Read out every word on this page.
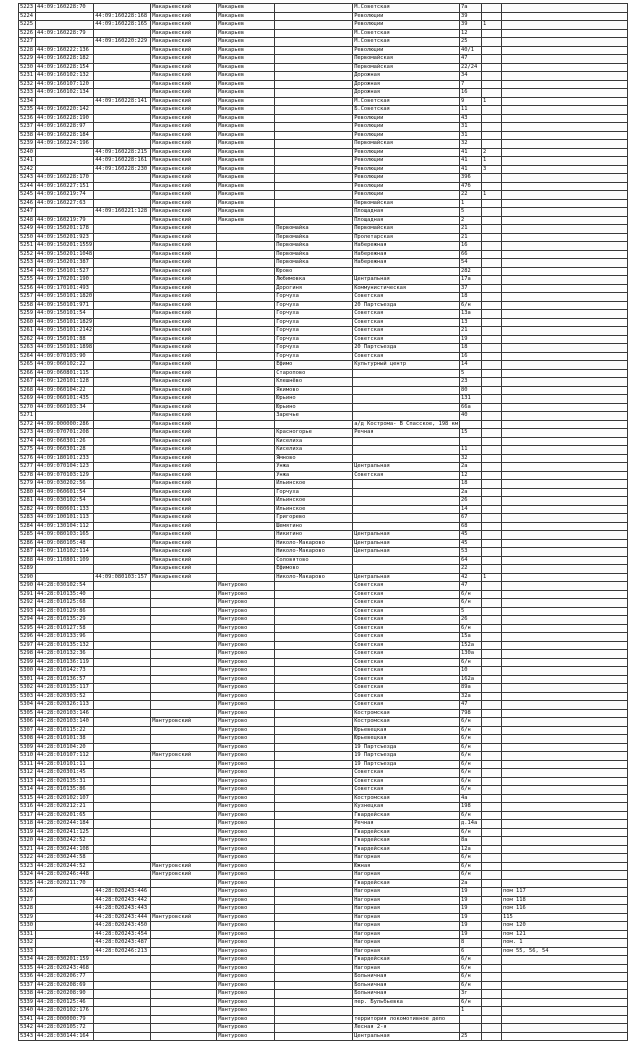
5223	44:09:160228:70		Макарьевский	Макарьев		М.Советская	7а		
5224		44:09:160228:168	Макарьевский	Макарьев		Революции	39		
5225		44:09:160228:165	Макарьевский	Макарьев		Революции	39	1	
5226	44:09:160228:79		Макарьевский	Макарьев		М.Советская	12		
5227		44:09:160220:229	Макарьевский	Макарьев		М.Советская	25		
5228	44:09:160222:136		Макарьевский	Макарьев		Революции	40/1		
5229	44:09:160228:182		Макарьевский	Макарьев		Первомайская	47		
5230	44:09:160228:154		Макарьевский	Макарьев		Первомайская	22/24		
5231	44:09:160102:132		Макарьевский	Макарьев		Дорожная	34		
5232	44:09:160107:120		Макарьевский	Макарьев		Дорожная	7		
5233	44:09:160102:134		Макарьевский	Макарьев		Дорожная	16		
5234		44:09:160228:141	Макарьевский	Макарьев		М.Советская	9	1	
5235	44:09:160220:142		Макарьевский	Макарьев		Б.Советская	11		
5236	44:09:160228:190		Макарьевский	Макарьев		Революции	43		
5237	44:09:160228:97		Макарьевский	Макарьев		Революции	31		
5238	44:09:160228:184		Макарьевский	Макарьев		Революции	31		
5239	44:09:160224:196		Макарьевский	Макарьев		Первомайская	32		
5240		44:09:160228:215	Макарьевский	Макарьев		Революции	41	2	
5241		44:09:160228:161	Макарьевский	Макарьев		Революции	41	1	
5242		44:09:160228:230	Макарьевский	Макарьев		Революции	41	3	
5243	44:09:160228:170		Макарьевский	Макарьев		Революции	396		
5244	44:09:160227:151		Макарьевский	Макарьев		Революции	47б		
5245	44:09:160219:74		Макарьевский	Макарьев		Революции	22	1	
5246	44:09:160227:63		Макарьевский	Макарьев		Первомайская	1		
5247		44:09:160221:128	Макарьевский	Макарьев		Площадная	5		
5248	44:09:160219:79		Макарьевский	Макарьев		Площадная	2		
5249	44:09:150201:178		Макарьевский		Первомайка	Первомайская	21		
5250	44:09:150201:923		Макарьевский		Первомайка	Пролетарская	21		
5251	44:09:150201:1559		Макарьевский		Первомайка	Набережная	16		
5252	44:09:150201:1048		Макарьевский		Первомайка	Набережная	66		
5253	44:09:150201:387		Макарьевский		Первомайка	Набережная	54		
5254	44:09:150101:527		Макарьевский		Юрово		282		
5255	44:09:170201:190		Макарьевский		Любимовка	Центральная	17а		
5256	44:09:170101:493		Макарьевский		Дорогиня	Коммунистическая	37		
5257	44:09:150101:1820		Макарьевский		Горчуха	Советская	18		
5258	44:09:150101:971		Макарьевский		Горчуха	20 Партсъезда	6/н		
5259	44:09:150101:54		Макарьевский		Горчуха	Советская	13а		
5260	44:09:150101:1829		Макарьевский		Горчуха	Советская	13		
5261	44:09:150101:2142		Макарьевский		Горчуха	Советская	21		
5262	44:09:150101:88		Макарьевский		Горчуха	Советская	19		
5263	44:09:150101:1898		Макарьевский		Горчуха	20 Партсъезда	18		
5264	44:09:070103:90		Макарьевский		Горчуха	Советская	16		
5265	44:09:060102:22		Макарьевский		Ефимо	Культурный центр	14		
5266	44:09:060801:115		Макарьевский		Старопово		5		
5267	44:09:120101:128		Макарьевский		Клешнёво		23		
5268	44:09:060104:22		Макарьевский		Якимово		80		
5269	44:09:060101:435		Макарьевский		Юрьино		131		
5270	44:09:060103:34		Макарьевский		Юрьино		66а		
5271			Макарьевский		Заречье		40		
5272	44:09:000000:286		Макарьевский			а/д Кострома- В Спасское, 198 км			
5273	44:09:070701:208		Макарьевский		Красногорье	Речная	15		
5274	44:09:060301:26		Макарьевский		Киселиха				
5275	44:09:060301:28		Макарьевский		Киселиха		11		
5276	44:09:180101:233		Макарьевский		Ямново		32		
5277	44:09:070104:123		Макарьевский		Унжа	Центральная	2а		
5278	44:09:070103:129		Макарьевский		Унжа	Советская	12		
5279	44:09:030202:56		Макарьевский		Ильинское		18		
5280	44:09:060601:54		Макарьевский		Горчуха		2а		
5281	44:09:030102:54		Макарьевский		Ильинское		26		
5282	44:09:080601:133		Макарьевский		Ильинское		14		
5283	44:09:100101:113		Макарьевский		Григорево		67		
5284	44:09:130104:112		Макарьевский		Шемятино		68		
5285	44:09:080103:165		Макарьевский		Никитино	Центральная	45		
5286	44:09:080105:48		Макарьевский		Николо-Макарово	Центральная	45		
5287	44:09:110102:114		Макарьевский		Николо-Макарово	Центральная	53		
5288	44:09:110801:109		Макарьевский		Соловятово		64		
5289			Макарьевский		Ефимово		22		
5290		44:09:080103:157	Макарьевский		Николо-Макарово	Центральная	42	1	
5290	44:28:030102:54			Мантурово		Советская	47		
5291	44:28:010135:40			Мантурово		Советская	6/н		
5292	44:28:010125:68			Мантурово		Советская	6/н		
5293	44:28:010129:86			Мантурово		Советская	5		
5294	44:28:010135:29			Мантурово		Советская	26		
5295	44:28:010127:58			Мантурово		Советская	6/н		
5296	44:28:010133:96			Мантурово		Советская	15а		
5297	44:28:010135:132			Мантурово		Советская	152а		
5298	44:28:010132:36			Мантурово		Советская	130а		
5299	44:28:010136:119			Мантурово		Советская	6/н		
5300	44:28:010142:73			Мантурово		Советская	10		
5301	44:28:010136:57			Мантурово		Советская	162а		
5302	44:28:010135:117			Мантурово		Советская	89а		
5303	44:28:020303:52			Мантурово		Советская	32а		
5304	44:28:020326:113			Мантурово		Советская	47		
5305	44:28:020103:146			Мантурово		Костромская	798		
5306	44:28:020103:140		Мантуровский	Мантурово		Костромская	6/н		
5307	44:28:010115:22			Мантурово		Юрьевецкая	6/н		
5308	44:28:010101:38			Мантурово		Юрьевецкая	6/н		
5309	44:28:010104:20			Мантурово		19 Партсъезда	6/н		
5310	44:28:010107:112		Мантуровский	Мантурово		19 Партсъезда	6/н		
5311	44:28:010101:11			Мантурово		19 Партсъезда	6/н		
5312	44:28:020301:45			Мантурово		Советская	6/н		
5313	44:28:020135:31			Мантурово		Советская	6/н		
5314	44:28:010135:86			Мантурово		Советская	6/н		
5315	44:28:020102:107			Мантурово		Костромская	4а		
5316	44:28:020212:21			Мантурово		Кузнецкая	198		
5317	44:28:020201:65			Мантурово		Гвардейская	6/н		
5318	44:28:020244:184			Мантурово		Речная	д.14а		
5319	44:28:020241:125			Мантурово		Гвардейская	6/н		
5320	44:28:030242:52			Мантурово		Гвардейская	8а		
5321	44:28:030244:108			Мантурово		Гвардейская	12а		
5322	44:28:030244:58			Мантурово		Нагорная	6/н		
5323	44:28:020244:52		Мантуровский	Мантурово		Южная	6/н		
5324	44:28:020246:448		Мантуровский	Мантурово		Нагорная	6/н		
5325	44:28:020211:70			Мантурово		Гвардейская	2а		
5326		44:28:020243:446		Мантурово		Нагорная	19		пом 117
5327		44:28:020243:442		Мантурово		Нагорная	19		пом 118
5328		44:28:020243:443		Мантурово		Нагорная	19		пом 116
5329		44:28:020243:444	Мантуровский	Мантурово		Нагорная	19		115
5330		44:28:020243:450		Мантурово		Нагорная	19		пом 120
5331		44:28:020243:454		Мантурово		Нагорная	19		пом 121
5332		44:28:020243:487		Мантурово		Нагорная	8		пом. 1
5333		44:28:020246:213		Мантурово		Нагорная	6		пом 55, 56, 54
5334	44:28:030201:159			Мантурово		Гвардейская	6/н		
5335	44:28:020243:468			Мантурово		Нагорная	6/н		
5336	44:28:020206:77			Мантурово		Больничная	6/н		
5337	44:28:020208:69			Мантурово		Больничная	6/н		
5338	44:28:020208:90			Мантурово		Больничная	3г		
5339	44:28:020125:46			Мантурово		пер. Бульбьевка	6/н		
5340	44:28:020102:176			Мантурово			1		
5341	44:28:000000:79			Мантурово		территория локомотивное депо			
5342	44:28:020105:72			Мантурово		Лесная 2-я			
5343	44:28:030144:164			Мантурово		Центральная	25		
